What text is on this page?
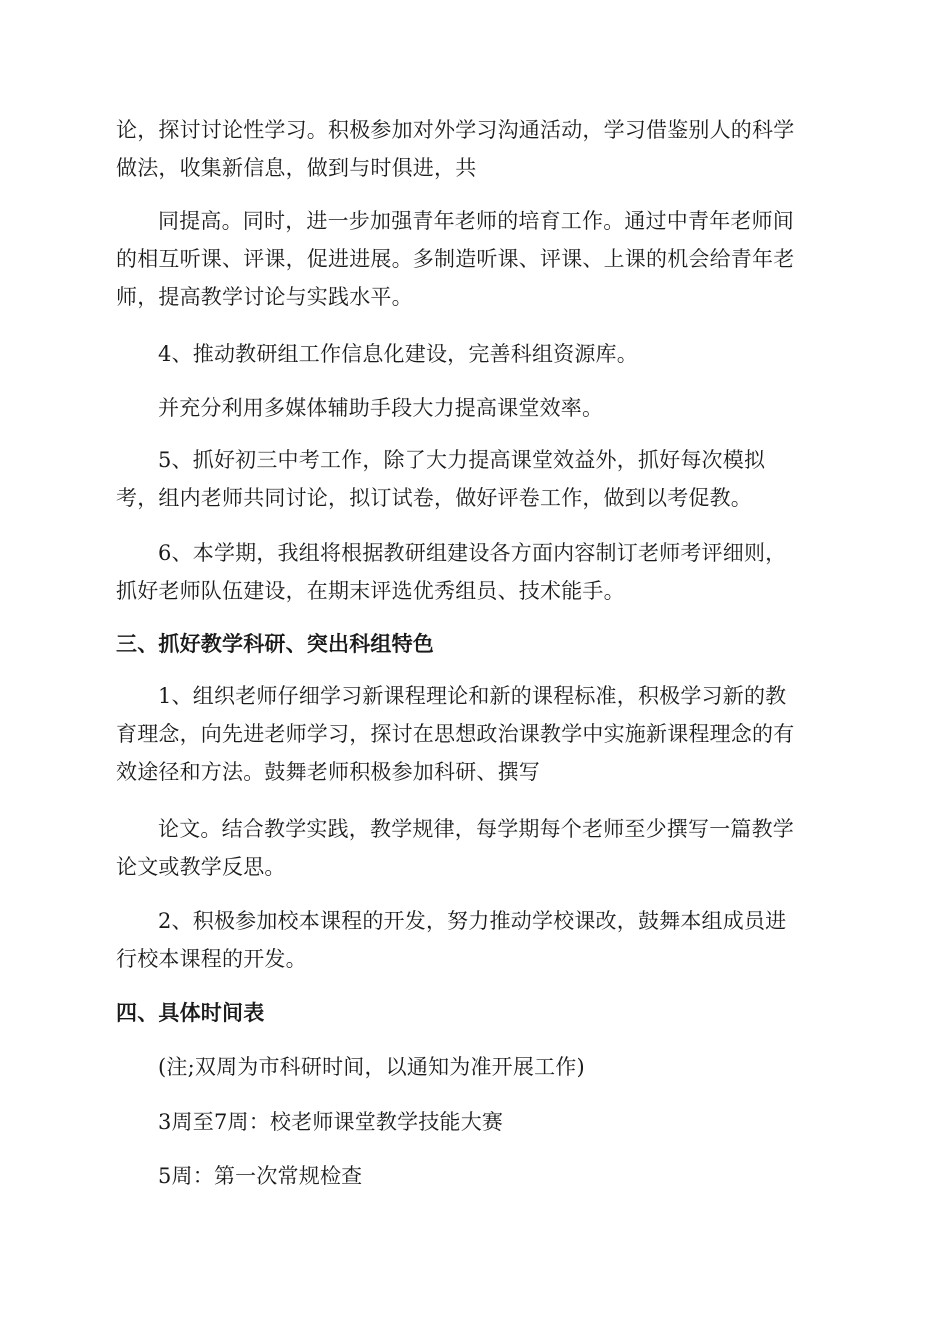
论，探讨讨论性学习。积极参加对外学习沟通活动，学习借鉴别人的科学
做法，收集新信息，做到与时俱进，共
同提高。同时，进一步加强青年老师的培育工作。通过中青年老师间
的相互听课、评课，促进进展。多制造听课、评课、上课的机会给青年老
师，提高教学讨论与实践水平。
4、推动教研组工作信息化建设，完善科组资源库。
并充分利用多媒体辅助手段大力提高课堂效率。
5、抓好初三中考工作，除了大力提高课堂效益外，抓好每次模拟
考，组内老师共同讨论，拟订试卷，做好评卷工作，做到以考促教。
6、本学期，我组将根据教研组建设各方面内容制订老师考评细则，
抓好老师队伍建设，在期末评选优秀组员、技术能手。
三、抓好教学科研、突出科组特色
1、组织老师仔细学习新课程理论和新的课程标准，积极学习新的教
育理念，向先进老师学习，探讨在思想政治课教学中实施新课程理念的有
效途径和方法。鼓舞老师积极参加科研、撰写
论文。结合教学实践，教学规律，每学期每个老师至少撰写一篇教学
论文或教学反思。
2、积极参加校本课程的开发，努力推动学校课改，鼓舞本组成员进
行校本课程的开发。
四、具体时间表
(注;双周为市科研时间，以通知为准开展工作)
3周至7周：校老师课堂教学技能大赛
5周：第一次常规检查
